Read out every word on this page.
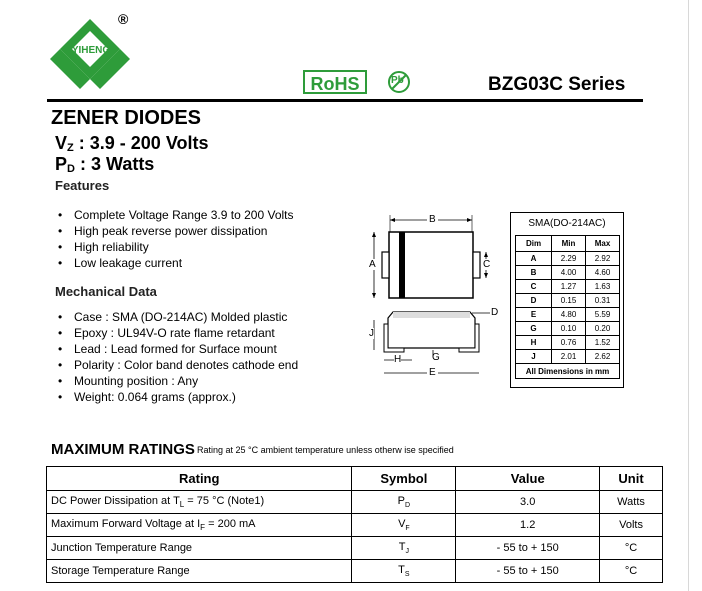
YIHENG
®
RoHS	Pb	BZG03C Series
ZENER DIODES
$V_Z$ : 3.9 - 200 Volts
$P_D$ : 3 Watts
Features
• Complete Voltage Range 3.9 to 200 Volts
• High peak reverse power dissipation
• High reliability
• Low leakage current
Mechanical Data
• Case : SMA (DO-214AC) Molded plastic
• Epoxy : UL94V-O rate flame retardant
• Lead : Lead formed for Surface mount
• Polarity : Color band denotes cathode end
• Mounting position : Any
• Weight: 0.064 grams (approx.)
B
A	C
D
J
H	G
E
SMA(DO-214AC)
Dim	Min	Max
A	2.29	2.92
B	4.00	4.60
C	1.27	1.63
D	0.15	0.31
E	4.80	5.59
G	0.10	0.20
H	0.76	1.52
J	2.01	2.62
All Dimensions in mm		
MAXIMUM RATINGS Rating at 25 °C ambient temperature unless otherw ise specified
Rating	Symbol	Value	Unit
DC Power Dissipation at $T_L = 75$ °C (Note1)	$P_D$	3.0	Watts
Maximum Forward Voltage at $I_F = 200$ mA	$V_F$	1.2	Volts
Junction Temperature Range	$T_J$	- 55 to + 150	°C
Storage Temperature Range	$T_S$	- 55 to + 150	°C
